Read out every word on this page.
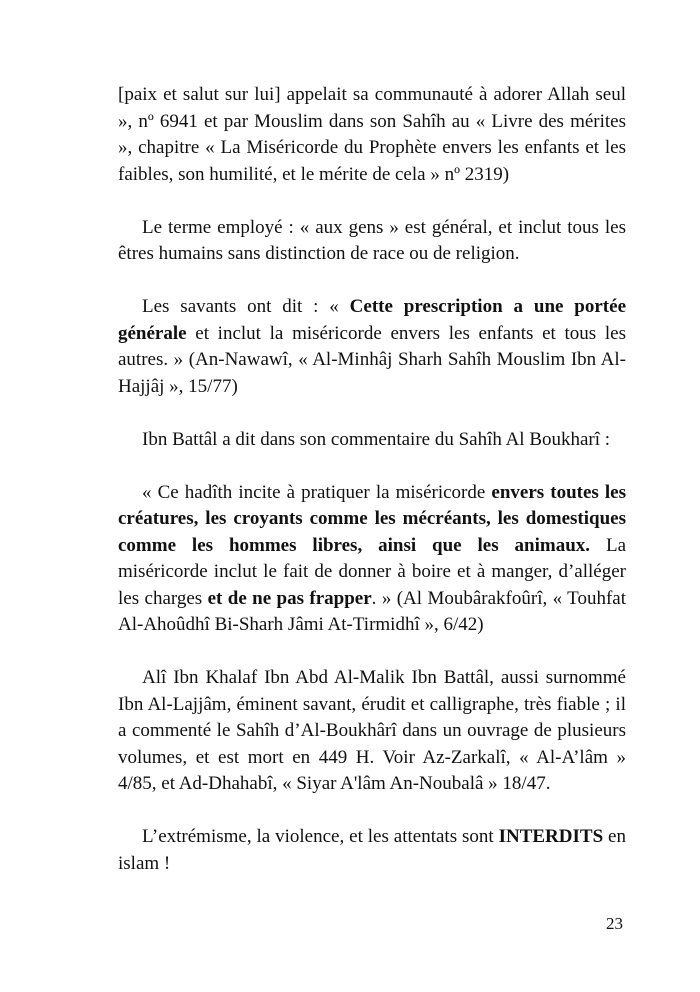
[paix et salut sur lui] appelait sa communauté à adorer Allah seul », nº 6941 et par Mouslim dans son Sahîh au « Livre des mérites », chapitre « La Miséricorde du Prophète envers les enfants et les faibles, son humilité, et le mérite de cela » nº 2319)

Le terme employé : « aux gens » est général, et inclut tous les êtres humains sans distinction de race ou de religion.

Les savants ont dit : « Cette prescription a une portée générale et inclut la miséricorde envers les enfants et tous les autres. » (An-Nawawî, « Al-Minhâj Sharh Sahîh Mouslim Ibn Al-Hajjâj », 15/77)

Ibn Battâl a dit dans son commentaire du Sahîh Al Boukharî :

« Ce hadîth incite à pratiquer la miséricorde envers toutes les créatures, les croyants comme les mécréants, les domestiques comme les hommes libres, ainsi que les animaux. La miséricorde inclut le fait de donner à boire et à manger, d’alléger les charges et de ne pas frapper. » (Al Moubârakfoûrî, « Touhfat Al-Ahoûdhî Bi-Sharh Jâmi At-Tirmidhî », 6/42)

Alî Ibn Khalaf Ibn Abd Al-Malik Ibn Battâl, aussi surnommé Ibn Al-Lajjâm, éminent savant, érudit et calligraphe, très fiable ; il a commenté le Sahîh d’Al-Boukhârî dans un ouvrage de plusieurs volumes, et est mort en 449 H. Voir Az-Zarkalî, « Al-A’lâm » 4/85, et Ad-Dhahabî, « Siyar A'lâm An-Noubalâ » 18/47.

L’extrémisme, la violence, et les attentats sont INTERDITS en islam !

23
